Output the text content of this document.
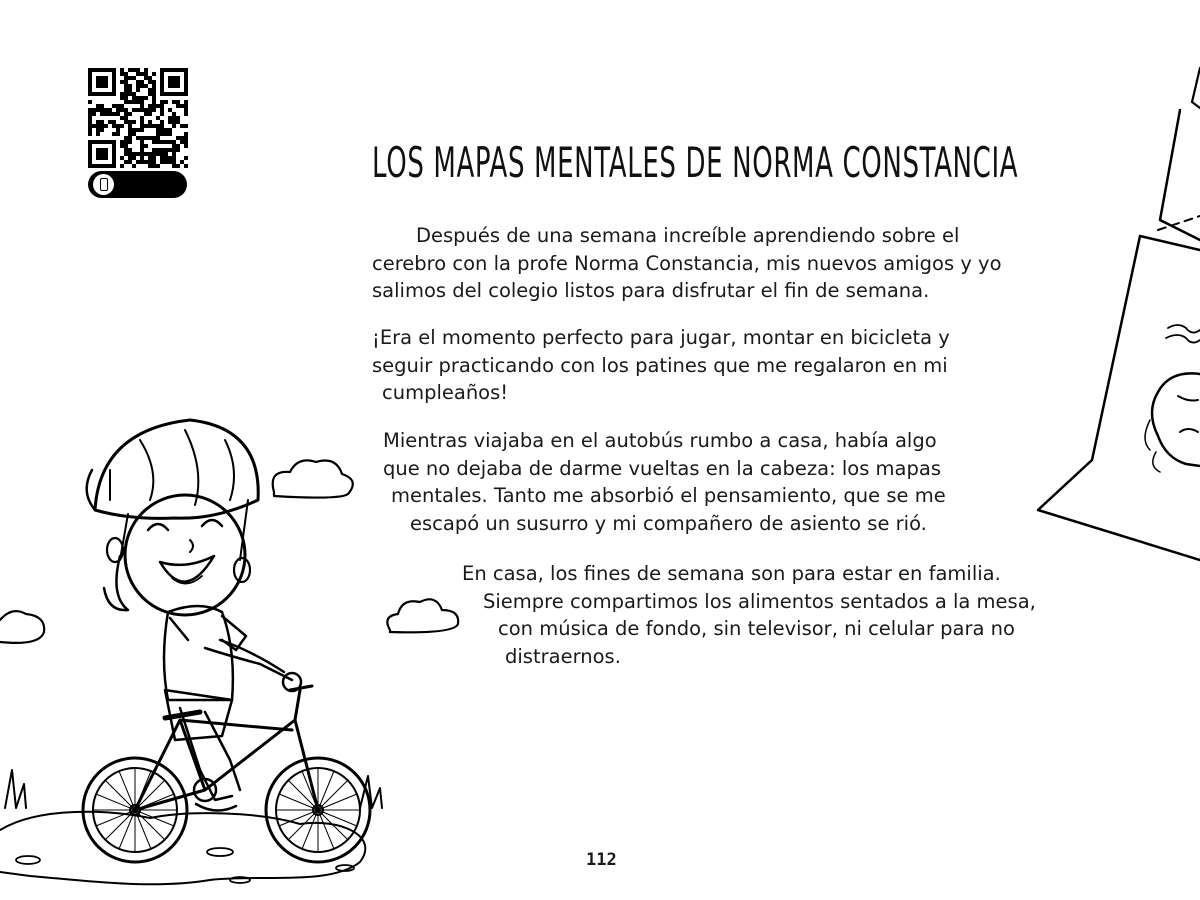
LOS MAPAS MENTALES DE NORMA CONSTANCIA

Después de una semana increíble aprendiendo sobre el
cerebro con la profe Norma Constancia, mis nuevos amigos y yo
salimos del colegio listos para disfrutar el fin de semana.

¡Era el momento perfecto para jugar, montar en bicicleta y
seguir practicando con los patines que me regalaron en mi
cumpleaños!

Mientras viajaba en el autobús rumbo a casa, había algo
que no dejaba de darme vueltas en la cabeza: los mapas
mentales. Tanto me absorbió el pensamiento, que se me
escapó un susurro y mi compañero de asiento se rió.

En casa, los fines de semana son para estar en familia.
Siempre compartimos los alimentos sentados a la mesa,
con música de fondo, sin televisor, ni celular para no
distraernos.

112
